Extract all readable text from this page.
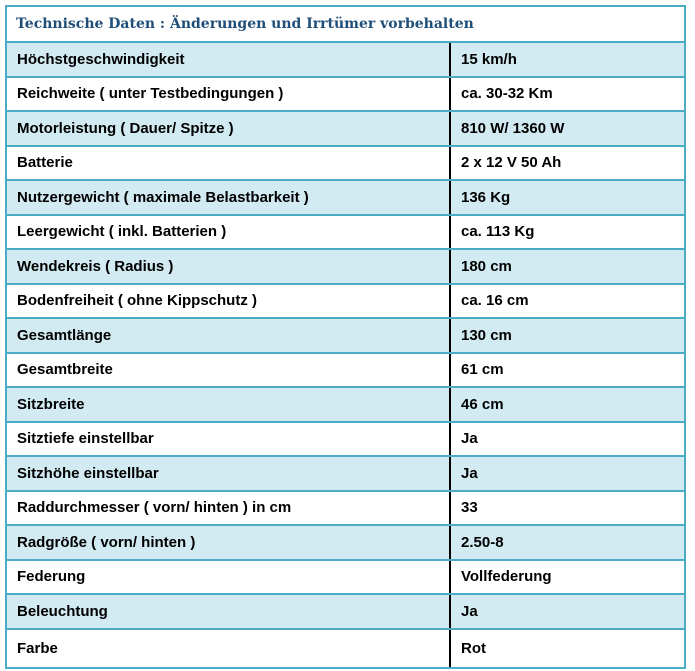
Technische Daten : Änderungen und Irrtümer vorbehalten
Höchstgeschwindigkeit	15 km/h
Reichweite ( unter Testbedingungen )	ca. 30-32 Km
Motorleistung ( Dauer/ Spitze )	810 W/ 1360 W
Batterie	2 x 12 V 50 Ah
Nutzergewicht ( maximale Belastbarkeit )	136 Kg
Leergewicht ( inkl. Batterien )	ca. 113 Kg
Wendekreis ( Radius )	180 cm
Bodenfreiheit ( ohne Kippschutz )	ca. 16 cm
Gesamtlänge	130 cm
Gesamtbreite	61 cm
Sitzbreite	46 cm
Sitztiefe einstellbar	Ja
Sitzhöhe einstellbar	Ja
Raddurchmesser ( vorn/ hinten ) in cm	33
Radgröße ( vorn/ hinten )	2.50-8
Federung	Vollfederung
Beleuchtung	Ja
Farbe	Rot
